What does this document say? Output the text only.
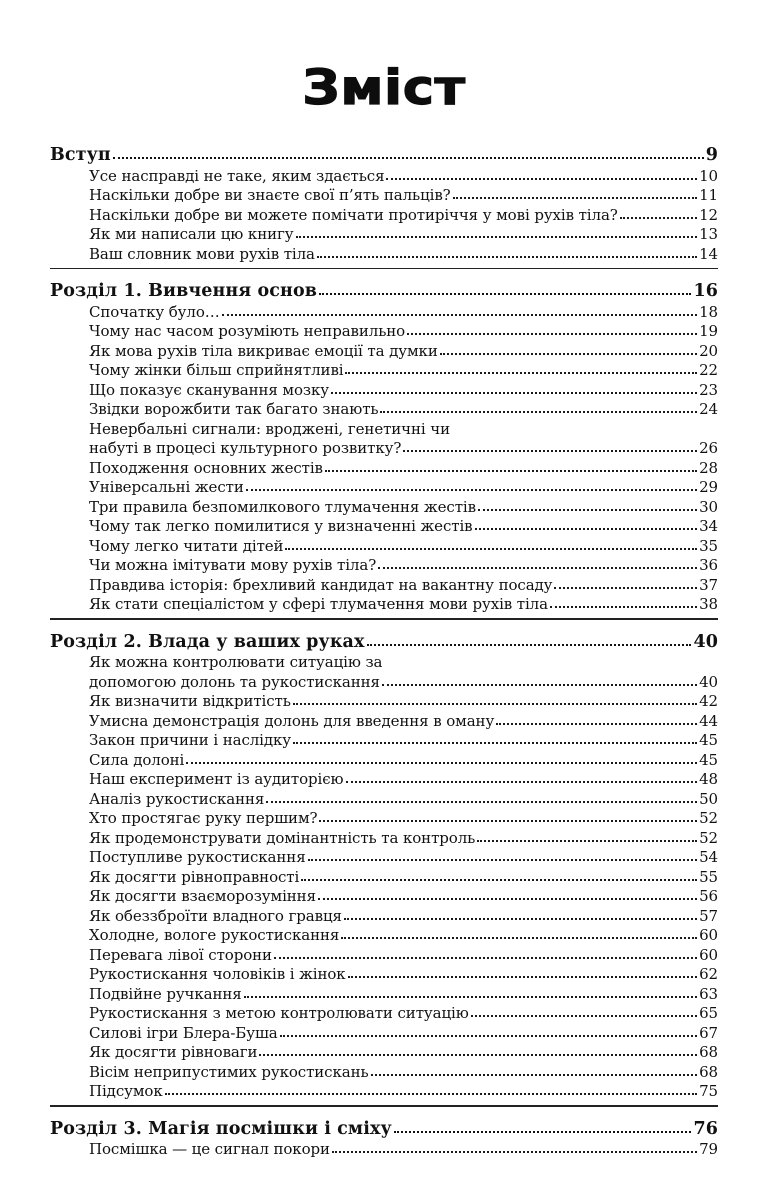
Зміст
Вступ	9
Усе насправді не таке, яким здається	10
Наскільки добре ви знаєте свої п’ять пальців?	11
Наскільки добре ви можете помічати протиріччя у мові рухів тіла?	12
Як ми написали цю книгу	13
Ваш словник мови рухів тіла	14
Розділ 1. Вивчення основ	16
Спочатку було…	18
Чому нас часом розуміють неправильно	19
Як мова рухів тіла викриває емоції та думки	20
Чому жінки більш сприйнятливі	22
Що показує сканування мозку	23
Звідки ворожбити так багато знають	24
Невербальні сигнали: вроджені, генетичні чи
набуті в процесі культурного розвитку?	26
Походження основних жестів	28
Універсальні жести	29
Три правила безпомилкового тлумачення жестів	30
Чому так легко помилитися у визначенні жестів	34
Чому легко читати дітей	35
Чи можна імітувати мову рухів тіла?	36
Правдива історія: брехливий кандидат на вакантну посаду	37
Як стати спеціалістом у сфері тлумачення мови рухів тіла	38
Розділ 2. Влада у ваших руках	40
Як можна контролювати ситуацію за
допомогою долонь та рукостискання	40
Як визначити відкритість	42
Умисна демонстрація долонь для введення в оману	44
Закон причини і наслідку	45
Сила долоні	45
Наш експеримент із аудиторією	48
Аналіз рукостискання	50
Хто простягає руку першим?	52
Як продемонструвати домінантність та контроль	52
Поступливе рукостискання	54
Як досягти рівноправності	55
Як досягти взаєморозуміння	56
Як обеззброїти владного гравця	57
Холодне, вологе рукостискання	60
Перевага лівої сторони	60
Рукостискання чоловіків і жінок	62
Подвійне ручкання	63
Рукостискання з метою контролювати ситуацію	65
Силові ігри Блера-Буша	67
Як досягти рівноваги	68
Вісім неприпустимих рукостискань	68
Підсумок	75
Розділ 3. Магія посмішки і сміху	76
Посмішка — це сигнал покори	79
